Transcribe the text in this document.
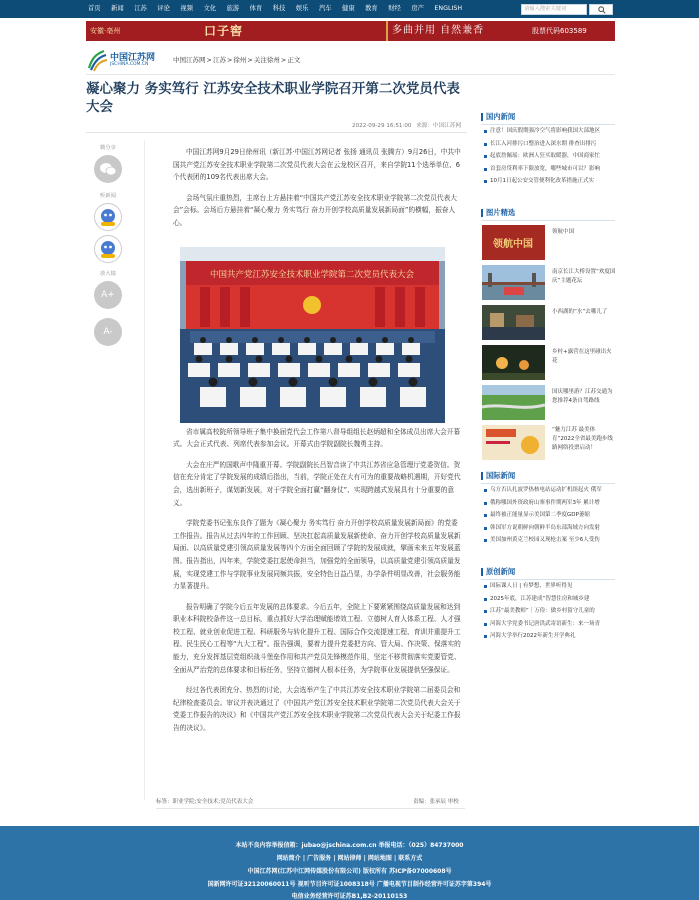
首页 新闻 江苏 评论 视频 文化 旅游 体育 科技 娱乐 汽车 健康 教育 财经 房产 ENGLISH	请输入搜索关键词
安徽·亳州	口子窖	多曲并用 自然兼香	股票代码603589
中国江苏网
JSCHINA.COM.CN
中国江苏网>江苏>徐州>关注徐州>正文
凝心聚力 务实笃行 江苏安全技术职业学院召开第二次党员代表大会
2022-09-29 16:51:00 来源：中国江苏网
微分享
听新闻
放大镜
A+
A-

中国江苏网9月29日徐州讯（新江苏·中国江苏网记者 张扬 通讯员 张腾方）9月26日，中共中国共产党江苏安全技术职业学院第二次党员代表大会在云龙校区召开，来自学院11个选举单位、6个代表团的109名代表出席大会。

会场气氛庄重热烈，主席台上方悬挂着“中国共产党江苏安全技术职业学院第二次党员代表大会”会标。会场后方悬挂着“凝心聚力 务实笃行 奋力开创学校高质量发展新局面”的横幅，振奋人心。

省市属高校院所领导班子集中换届党代会工作第八督导组组长赵炳超和全体成员出席大会开幕式。大会正式代表、列席代表参加会议。开幕式由学院副院长魏勇主持。

大会在庄严的国歌声中隆重开幕。学院副院长吕智音读了中共江苏省应急管理厅党委贺信。贺信在充分肯定了学院发展的成绩后指出，当前，学院正处在大有可为的重要战略机遇期，开好党代会，选出新班子，谋划新发展，对于学院全面打赢“翻身仗”、实现跨越式发展具有十分重要的意义。

学院党委书记张东良作了题为《凝心聚力 务实笃行 奋力开创学校高质量发展新局面》的党委工作报告。报告从过去四年的工作回顾、坚决扛起高质量发展新使命、奋力开创学校高质量发展新局面、以高质量党建引领高质量发展等四个方面全面回顾了学院的发展成就，擘画未来五年发展蓝图。报告指出，四年来，学院党委扛起使命担当，加强党的全面领导，以高质量党建引领高质量发展，实现党建工作与学院事业发展同频共振，安全特色日益凸显，办学条件明显改善，社会服务能力显著提升。

报告明确了学院今后五年发展的总体要求。今后五年，全院上下要紧紧围绕高质量发展和达到职业本科院校条件这一总目标，重点抓好大学治理赋能增效工程、立德树人育人体系工程、人才强校工程、就业创业促进工程、科研服务与转化提升工程、国际合作交流提速工程、育训并重提升工程、民生民心工程等“九大工程”。报告强调，要着力提升党委把方向、管大局、作决策、保落实的能力，充分发挥基层党组织战斗堡垒作用和共产党员先锋模范作用，坚定不移贯彻落实党要管党、全面从严治党的总体要求和目标任务，坚持立德树人根本任务，为学院事业发展提供坚强保证。

经过各代表团充分、热烈的讨论，大会选举产生了中共江苏安全技术职业学院第二届委员会和纪律检查委员会。审议并表决通过了《中国共产党江苏安全技术职业学院第二次党员代表大会关于党委工作报告的决议》和《中国共产党江苏安全技术职业学院第二次党员代表大会关于纪委工作报告的决议》。

中国共产党江苏安全技术职业学院第二次党员代表大会
标签：职业学院;安全技术;党员代表大会	责编：张承辰 审校
国内新闻
注意！国庆假期强冷空气将影响我国大部地区
长江入河排污口整治进入深水期 排查出排污
起底詹佩瑶：欧洲人狂买取暖器，中国商家忙
首套房贷利率下限放宽，哪些城市可以？影响
10月1日起公安交管便利化改革措施正式实
图片精选
领航中国
领航中国
南京长江大桥设置“欢度国庆”主题花坛
小西湖的“水”去哪儿了
乡村+露营在这里碰出火花
国庆哪里游？江苏交通为您推荐4条自驾路线
“魅力江苏 最美体育”2022全省最美跑步线路网络投票启动！
国际新闻
乌方否认扎波罗热核电站运动扩机组起火 俄军
俄称哪国外资政府山寨事件期两军3年 累计增
最终被正能量显示美国第二季度GDP萎缩
韩国军方说朝鲜向朝鲜半岛东部海域方向发射
美国加州黄克兰校园又现枪击案 至少6人受伤
原创新闻
国际课人日 | 有梦想，世界听得见
2025年底，江苏建成“智慧住房和城乡建
江苏“最美教师”｜万俭：做乡村留守儿童的
河海大学党委书记唐洪武寄语新生：来一场青
河海大学举行2022年新生开学典礼
本站不良内容举报信箱：jubao@jschina.com.cn 举报电话：（025）84737000
网站简介 | 广告服务 | 网站律师 | 网站地图 | 联系方式
中国江苏网(江苏中江网传媒股份有限公司) 版权所有 苏ICP备07000608号
国新网许可证32120060011号 视听节目许可证1008318号 广播电视节目制作经营许可证苏字第394号
电信业务经营许可证苏B1,B2-20110153
